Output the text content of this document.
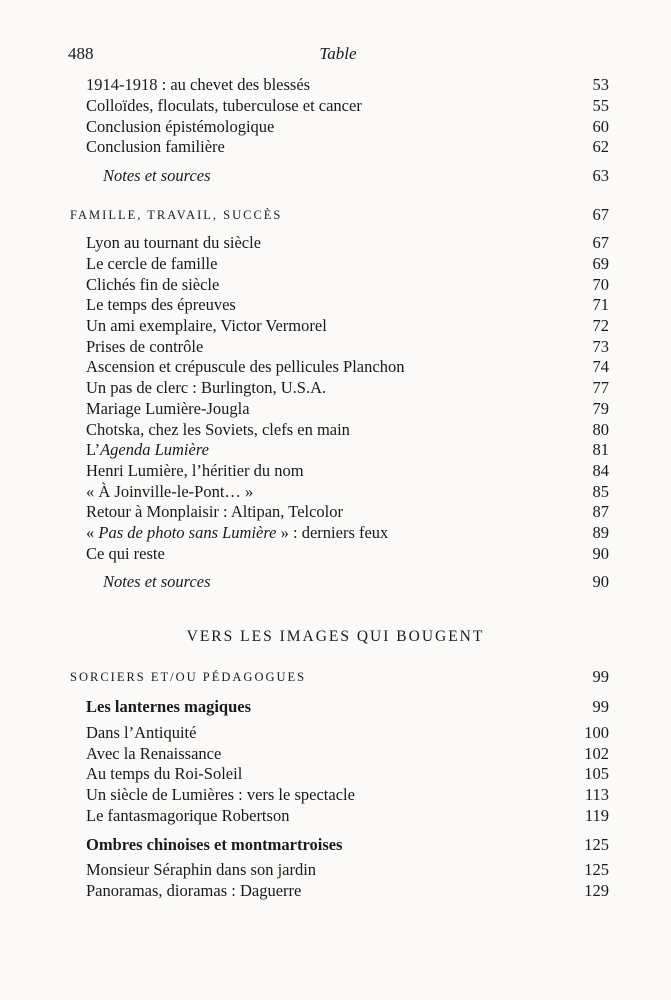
488	Table
1914-1918 : au chevet des blessés	53
Colloïdes, floculats, tuberculose et cancer	55
Conclusion épistémologique	60
Conclusion familière	62
Notes et sources	63
FAMILLE, TRAVAIL, SUCCÈS	67
Lyon au tournant du siècle	67
Le cercle de famille	69
Clichés fin de siècle	70
Le temps des épreuves	71
Un ami exemplaire, Victor Vermorel	72
Prises de contrôle	73
Ascension et crépuscule des pellicules Planchon	74
Un pas de clerc : Burlington, U.S.A.	77
Mariage Lumière-Jougla	79
Chotska, chez les Soviets, clefs en main	80
L’Agenda Lumière	81
Henri Lumière, l’héritier du nom	84
« À Joinville-le-Pont… »	85
Retour à Monplaisir : Altipan, Telcolor	87
« Pas de photo sans Lumière » : derniers feux	89
Ce qui reste	90
Notes et sources	90
VERS LES IMAGES QUI BOUGENT
SORCIERS ET/OU PÉDAGOGUES	99
Les lanternes magiques	99
Dans l’Antiquité	100
Avec la Renaissance	102
Au temps du Roi-Soleil	105
Un siècle de Lumières : vers le spectacle	113
Le fantasmagorique Robertson	119
Ombres chinoises et montmartroises	125
Monsieur Séraphin dans son jardin	125
Panoramas, dioramas : Daguerre	129
